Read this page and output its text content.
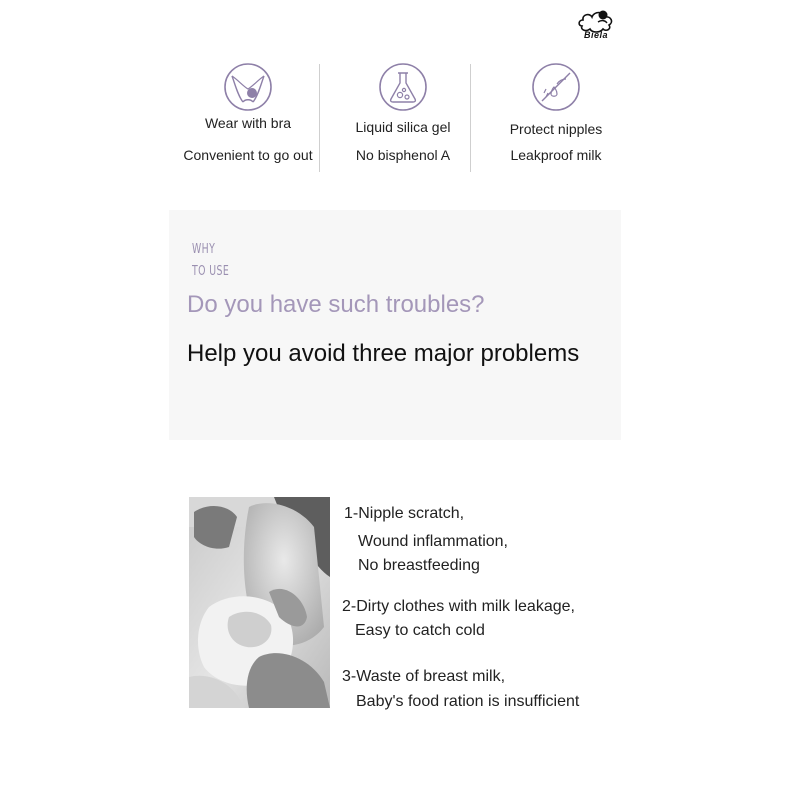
Biela
Wear with bra
Convenient to go out
Liquid silica gel
No bisphenol A
Protect nipples
Leakproof milk
WHY
TO USE
Do you have such troubles?
Help you avoid three major problems
1-Nipple scratch,
Wound inflammation,
No breastfeeding
2-Dirty clothes with milk leakage,
Easy to catch cold
3-Waste of breast milk,
Baby's food ration is insufficient
